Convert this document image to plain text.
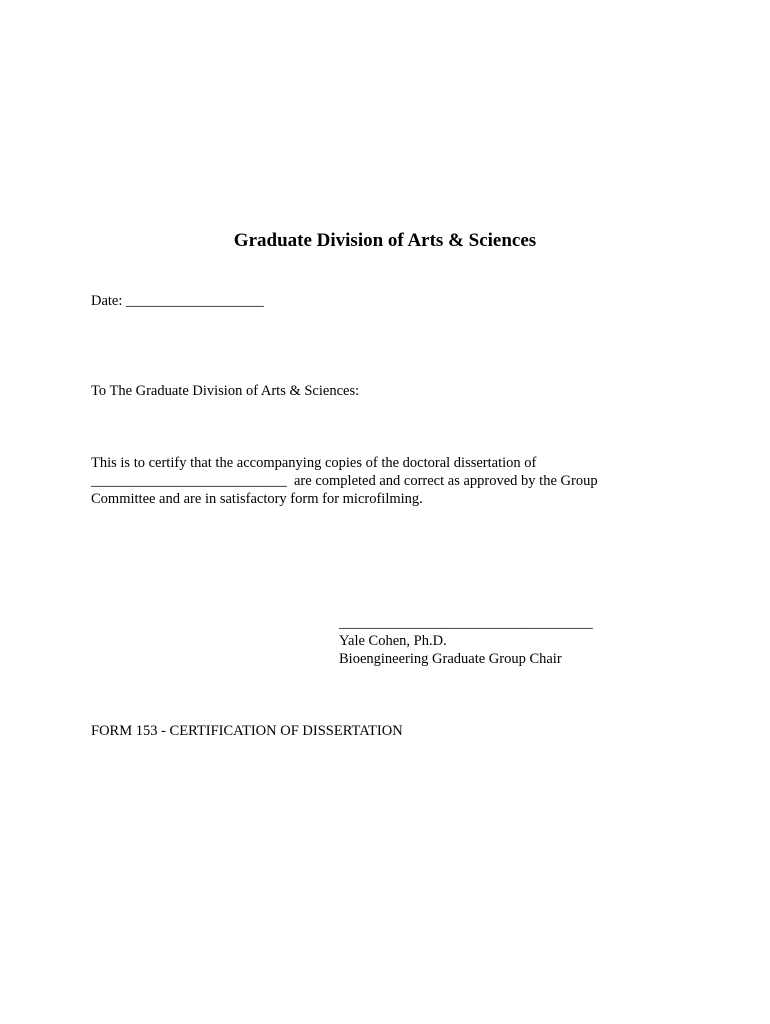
Graduate Division of Arts & Sciences
Date: ___________________
To The Graduate Division of Arts & Sciences:
This is to certify that the accompanying copies of the doctoral dissertation of
___________________________ are completed and correct as approved by the Group
Committee and are in satisfactory form for microfilming.
___________________________________
Yale Cohen, Ph.D.
Bioengineering Graduate Group Chair
FORM 153 - CERTIFICATION OF DISSERTATION
